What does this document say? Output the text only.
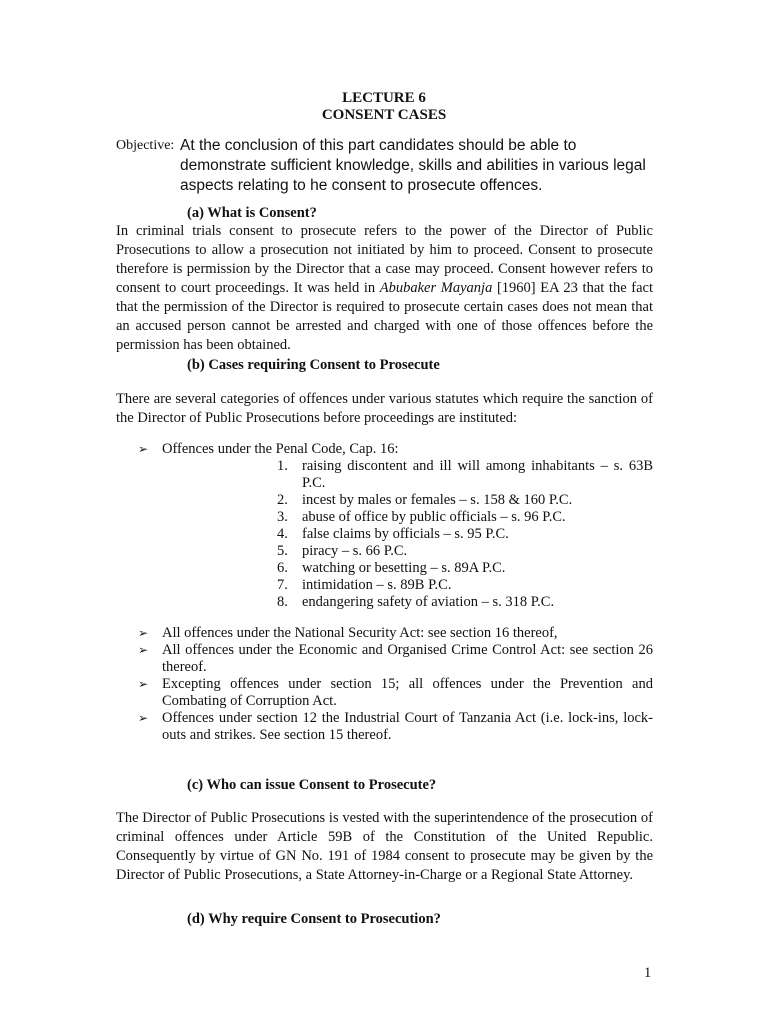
LECTURE 6
CONSENT CASES
Objective: At the conclusion of this part candidates should be able to demonstrate sufficient knowledge, skills and abilities in various legal aspects relating to he consent to prosecute offences.
(a) What is Consent?

In criminal trials consent to prosecute refers to the power of the Director of Public Prosecutions to allow a prosecution not initiated by him to proceed. Consent to prosecute therefore is permission by the Director that a case may proceed. Consent however refers to consent to court proceedings. It was held in Abubaker Mayanja [1960] EA 23 that the fact that the permission of the Director is required to prosecute certain cases does not mean that an accused person cannot be arrested and charged with one of those offences before the permission has been obtained.

(b) Cases requiring Consent to Prosecute

There are several categories of offences under various statutes which require the sanction of the Director of Public Prosecutions before proceedings are instituted:

➢ Offences under the Penal Code, Cap. 16:
1. raising discontent and ill will among inhabitants – s. 63B P.C.
2. incest by males or females – s. 158 & 160 P.C.
3. abuse of office by public officials – s. 96 P.C.
4. false claims by officials – s. 95 P.C.
5. piracy – s. 66 P.C.
6. watching or besetting – s. 89A P.C.
7. intimidation – s. 89B P.C.
8. endangering safety of aviation – s. 318 P.C.
➢ All offences under the National Security Act: see section 16 thereof,
➢ All offences under the Economic and Organised Crime Control Act: see section 26 thereof.
➢ Excepting offences under section 15; all offences under the Prevention and Combating of Corruption Act.
➢ Offences under section 12 the Industrial Court of Tanzania Act (i.e. lock-ins, lock-outs and strikes. See section 15 thereof.
(c) Who can issue Consent to Prosecute?

The Director of Public Prosecutions is vested with the superintendence of the prosecution of criminal offences under Article 59B of the Constitution of the United Republic. Consequently by virtue of GN No. 191 of 1984 consent to prosecute may be given by the Director of Public Prosecutions, a State Attorney-in-Charge or a Regional State Attorney.

(d) Why require Consent to Prosecution?
1
